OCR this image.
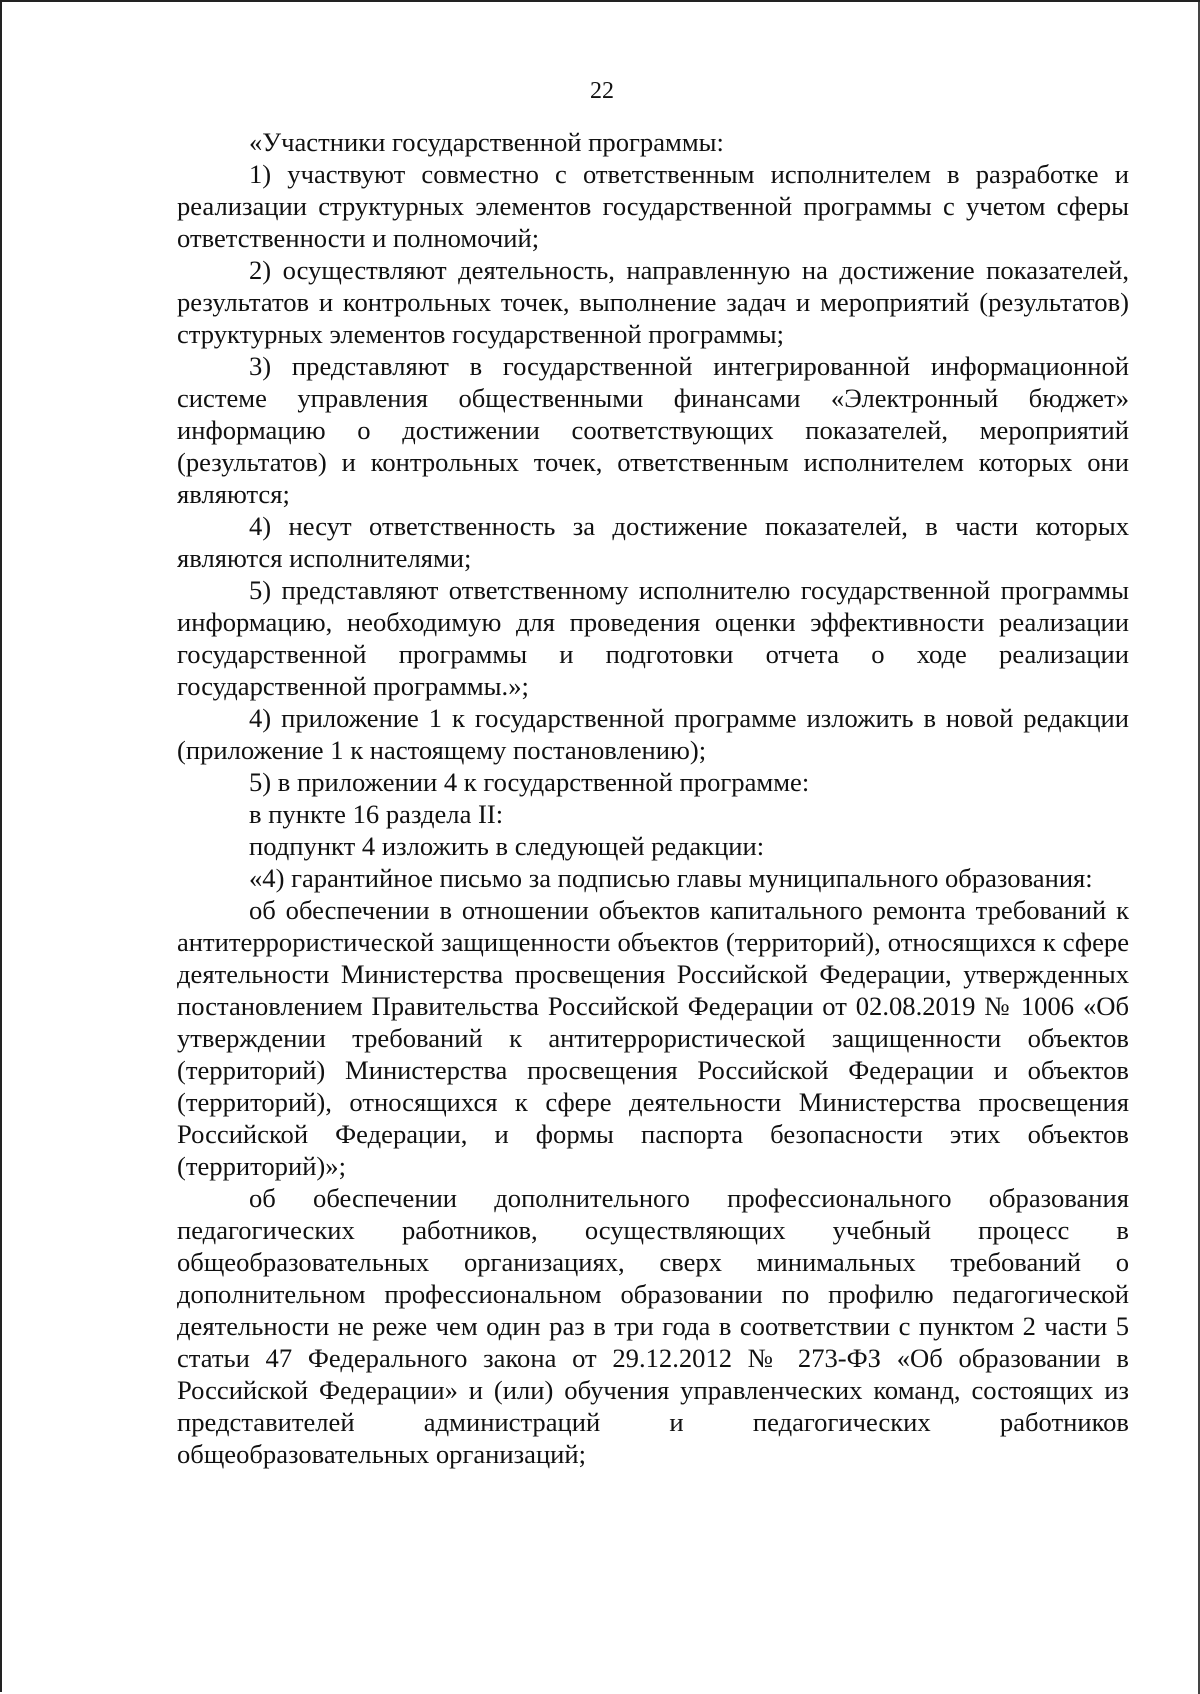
22

«Участники государственной программы:

1) участвуют совместно с ответственным исполнителем в разработке и реализации структурных элементов государственной программы с учетом сферы ответственности и полномочий;

2) осуществляют деятельность, направленную на достижение показателей, результатов и контрольных точек, выполнение задач и мероприятий (результатов) структурных элементов государственной программы;

3) представляют в государственной интегрированной информационной системе управления общественными финансами «Электронный бюджет» информацию о достижении соответствующих показателей, мероприятий (результатов) и контрольных точек, ответственным исполнителем которых они являются;

4) несут ответственность за достижение показателей, в части которых являются исполнителями;

5) представляют ответственному исполнителю государственной программы информацию, необходимую для проведения оценки эффективности реализации государственной программы и подготовки отчета о ходе реализации государственной программы.»;

4) приложение 1 к государственной программе изложить в новой редакции (приложение 1 к настоящему постановлению);

5) в приложении 4 к государственной программе:

в пункте 16 раздела II:

подпункт 4 изложить в следующей редакции:

«4) гарантийное письмо за подписью главы муниципального образования:

об обеспечении в отношении объектов капитального ремонта требований к антитеррористической защищенности объектов (территорий), относящихся к сфере деятельности Министерства просвещения Российской Федерации, утвержденных постановлением Правительства Российской Федерации от 02.08.2019 № 1006 «Об утверждении требований к антитеррористической защищенности объектов (территорий) Министерства просвещения Российской Федерации и объектов (территорий), относящихся к сфере деятельности Министерства просвещения Российской Федерации, и формы паспорта безопасности этих объектов (территорий)»;

об обеспечении дополнительного профессионального образования педагогических работников, осуществляющих учебный процесс в общеобразовательных организациях, сверх минимальных требований о дополнительном профессиональном образовании по профилю педагогической деятельности не реже чем один раз в три года в соответствии с пунктом 2 части 5 статьи 47 Федерального закона от 29.12.2012 № 273-ФЗ «Об образовании в Российской Федерации» и (или) обучения управленческих команд, состоящих из представителей администраций и педагогических работников общеобразовательных организаций;
